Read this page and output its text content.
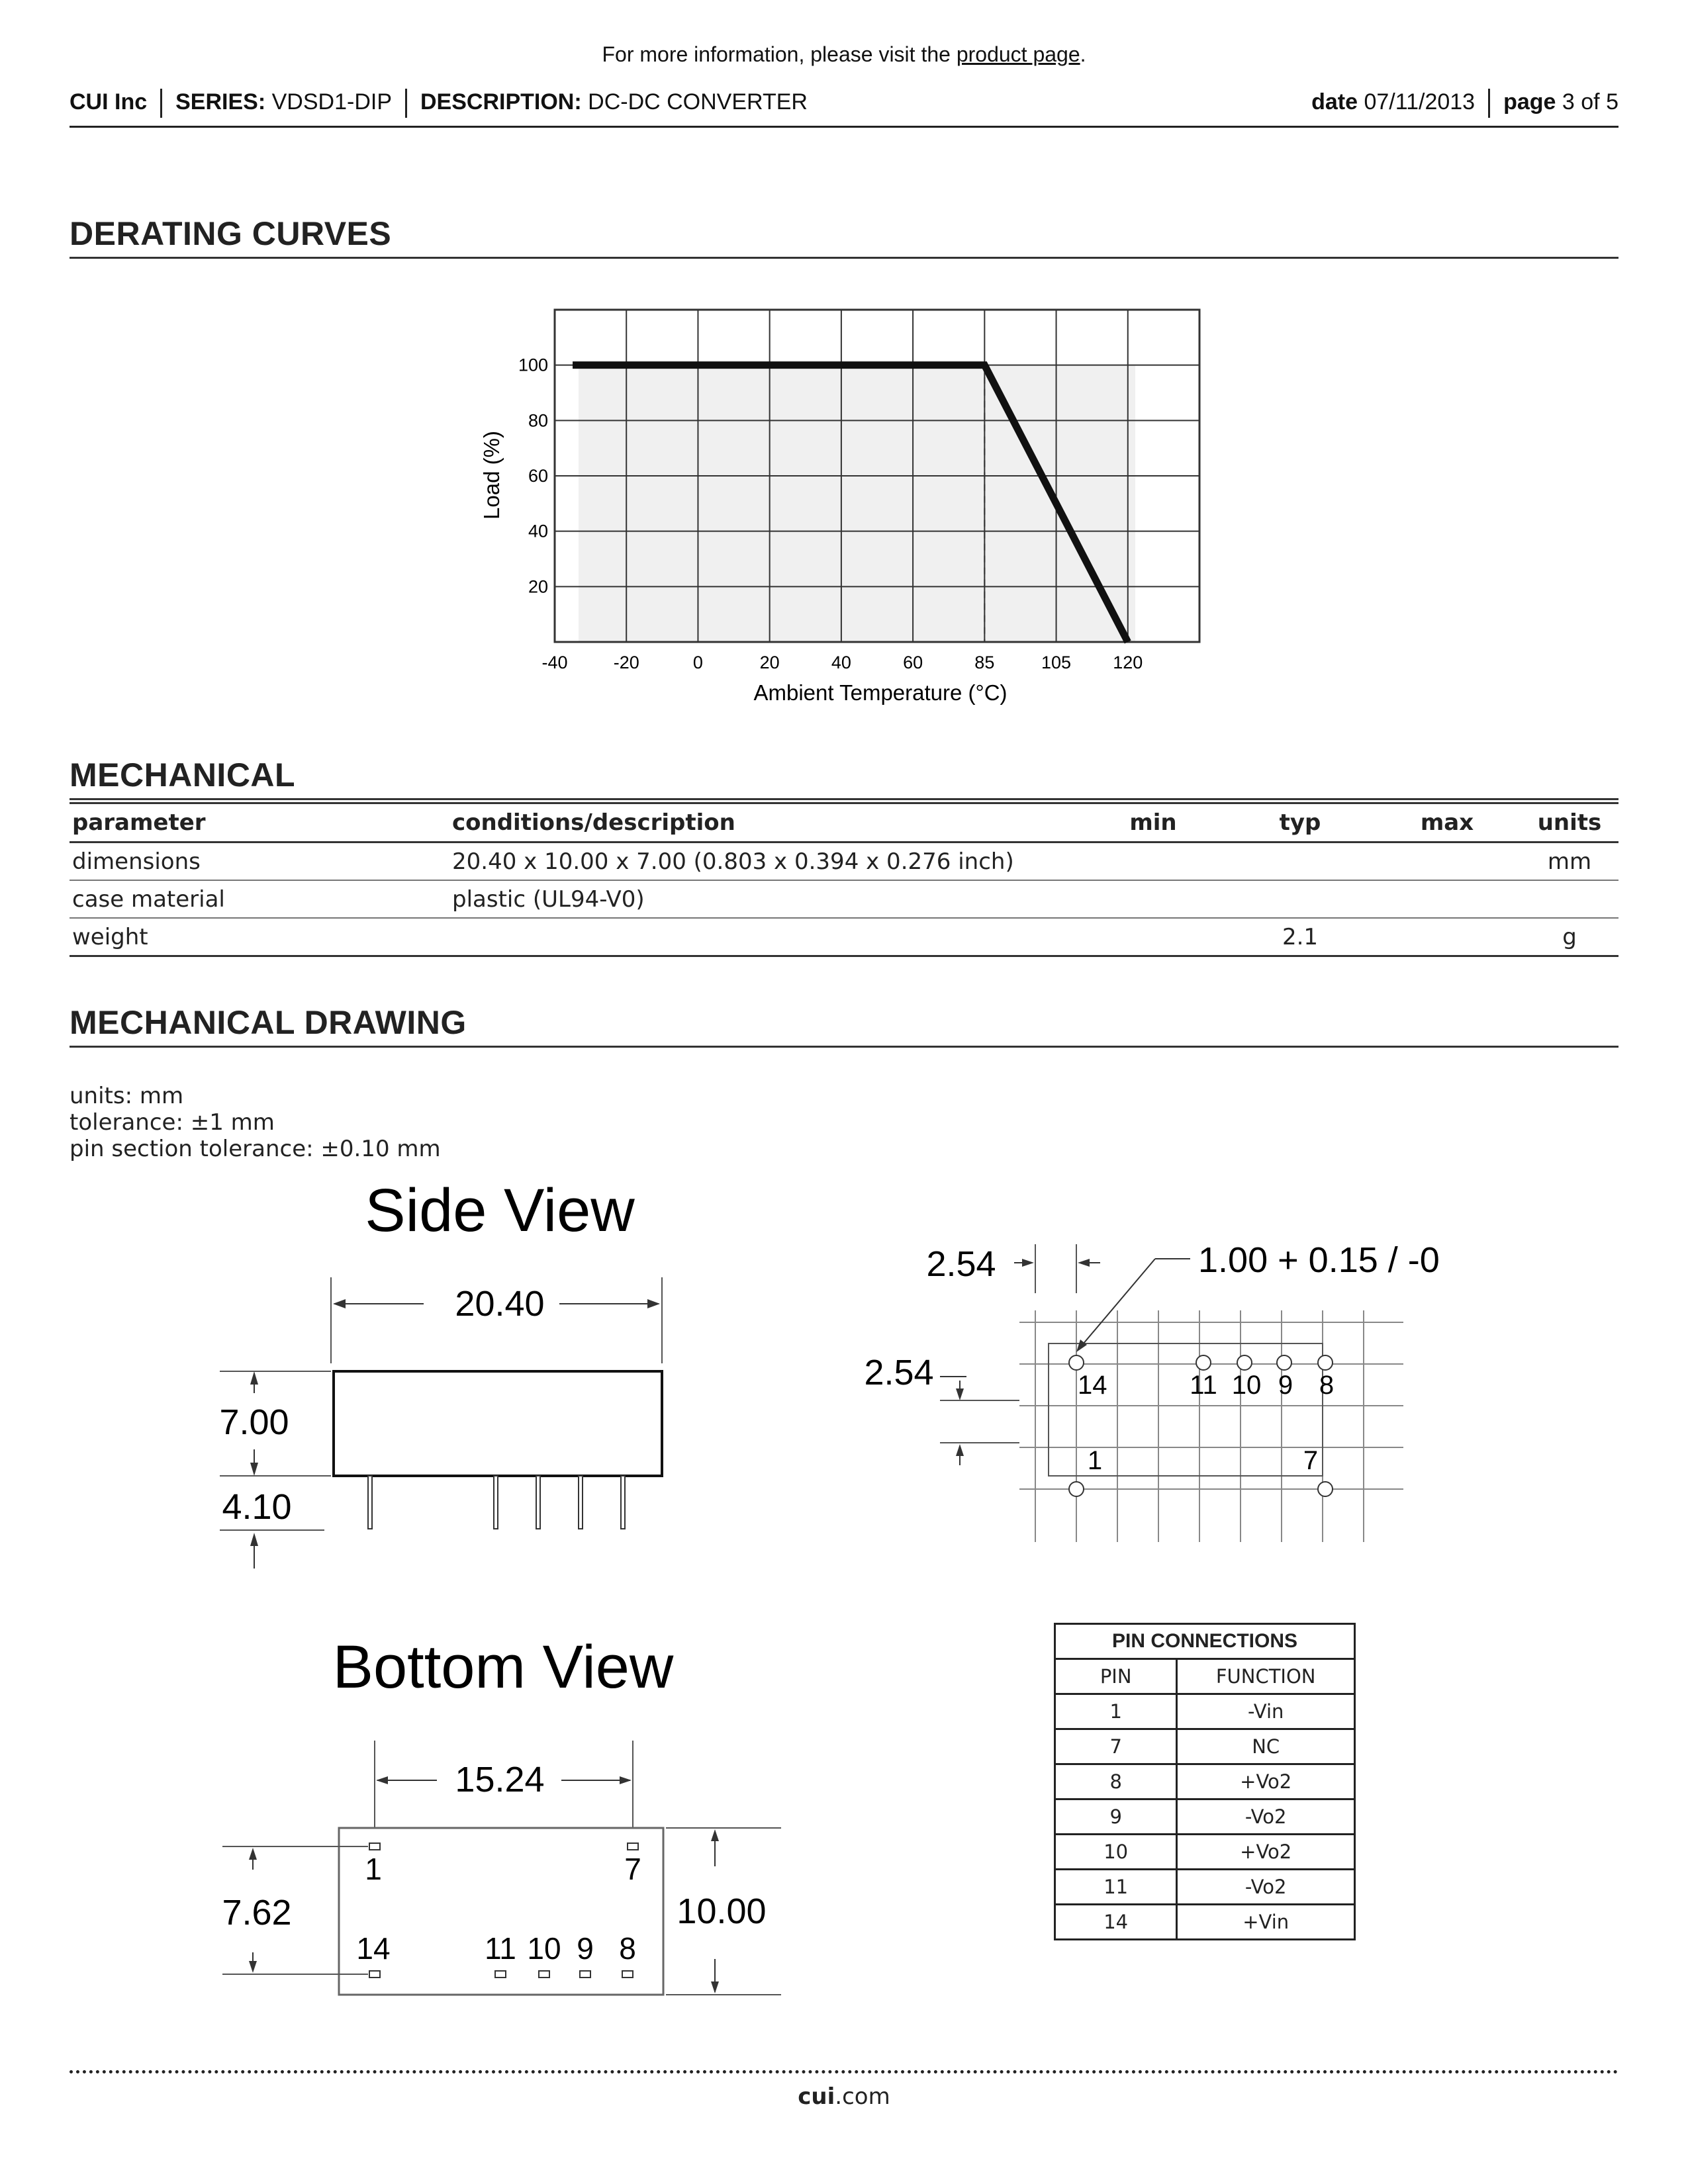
For more information, please visit the product page.
CUI Inc SERIES: VDSD1-DIP DESCRIPTION: DC-DC CONVERTER	date 07/11/2013 page 3 of 5
DERATING CURVES
-40	-20	0	20	40	60	85	105 120
20
40
60
80
100
Ambient Temperature (°C)
Load (%)
MECHANICAL
parameter	conditions/description	min	typ	max	units
dimensions	20.40 x 10.00 x 7.00 (0.803 x 0.394 x 0.276 inch)				mm
case material	plastic (UL94-V0)				
weight			2.1		g
MECHANICAL DRAWING
units: mm
tolerance: ±1 mm
pin section tolerance: ±0.10 mm
Side View
20.40
7.00
4.10
2.54	1.00 + 0.15 / -0
2.54	14	11 10 9 8
1	7
Bottom View
15.24
1	7
14	11 10 9 8
7.62	10.00
PIN CONNECTIONS	
PIN	FUNCTION
1	-Vin
7	NC
8	+Vo2
9	-Vo2
10	+Vo2
11	-Vo2
14	+Vin
cui.com
